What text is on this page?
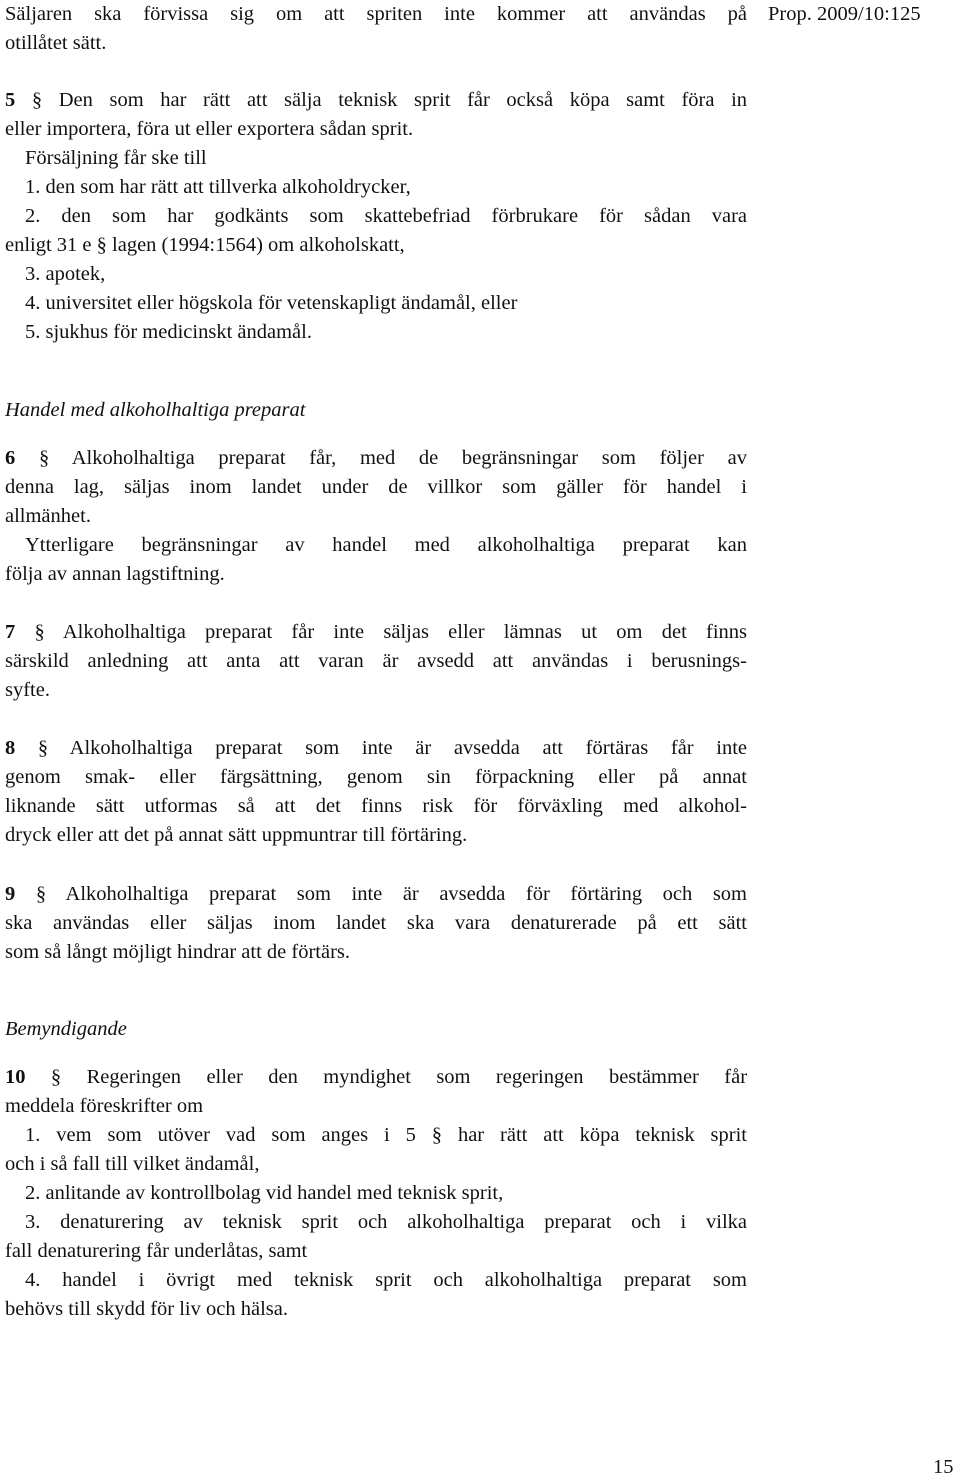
Prop. 2009/10:125
Säljaren ska förvissa sig om att spriten inte kommer att användas på
otillåtet sätt.
5 § Den som har rätt att sälja teknisk sprit får också köpa samt föra in
eller importera, föra ut eller exportera sådan sprit.
Försäljning får ske till
1. den som har rätt att tillverka alkoholdrycker,
2. den som har godkänts som skattebefriad förbrukare för sådan vara
enligt 31 e § lagen (1994:1564) om alkoholskatt,
3. apotek,
4. universitet eller högskola för vetenskapligt ändamål, eller
5. sjukhus för medicinskt ändamål.
Handel med alkoholhaltiga preparat
6 § Alkoholhaltiga preparat får, med de begränsningar som följer av
denna lag, säljas inom landet under de villkor som gäller för handel i
allmänhet.
Ytterligare begränsningar av handel med alkoholhaltiga preparat kan
följa av annan lagstiftning.
7 § Alkoholhaltiga preparat får inte säljas eller lämnas ut om det finns
särskild anledning att anta att varan är avsedd att användas i berusnings-
syfte.
8 § Alkoholhaltiga preparat som inte är avsedda att förtäras får inte
genom smak- eller färgsättning, genom sin förpackning eller på annat
liknande sätt utformas så att det finns risk för förväxling med alkohol-
dryck eller att det på annat sätt uppmuntrar till förtäring.
9 § Alkoholhaltiga preparat som inte är avsedda för förtäring och som
ska användas eller säljas inom landet ska vara denaturerade på ett sätt
som så långt möjligt hindrar att de förtärs.
Bemyndigande
10 § Regeringen eller den myndighet som regeringen bestämmer får
meddela föreskrifter om
1. vem som utöver vad som anges i 5 § har rätt att köpa teknisk sprit
och i så fall till vilket ändamål,
2. anlitande av kontrollbolag vid handel med teknisk sprit,
3. denaturering av teknisk sprit och alkoholhaltiga preparat och i vilka
fall denaturering får underlåtas, samt
4. handel i övrigt med teknisk sprit och alkoholhaltiga preparat som
behövs till skydd för liv och hälsa.
15
